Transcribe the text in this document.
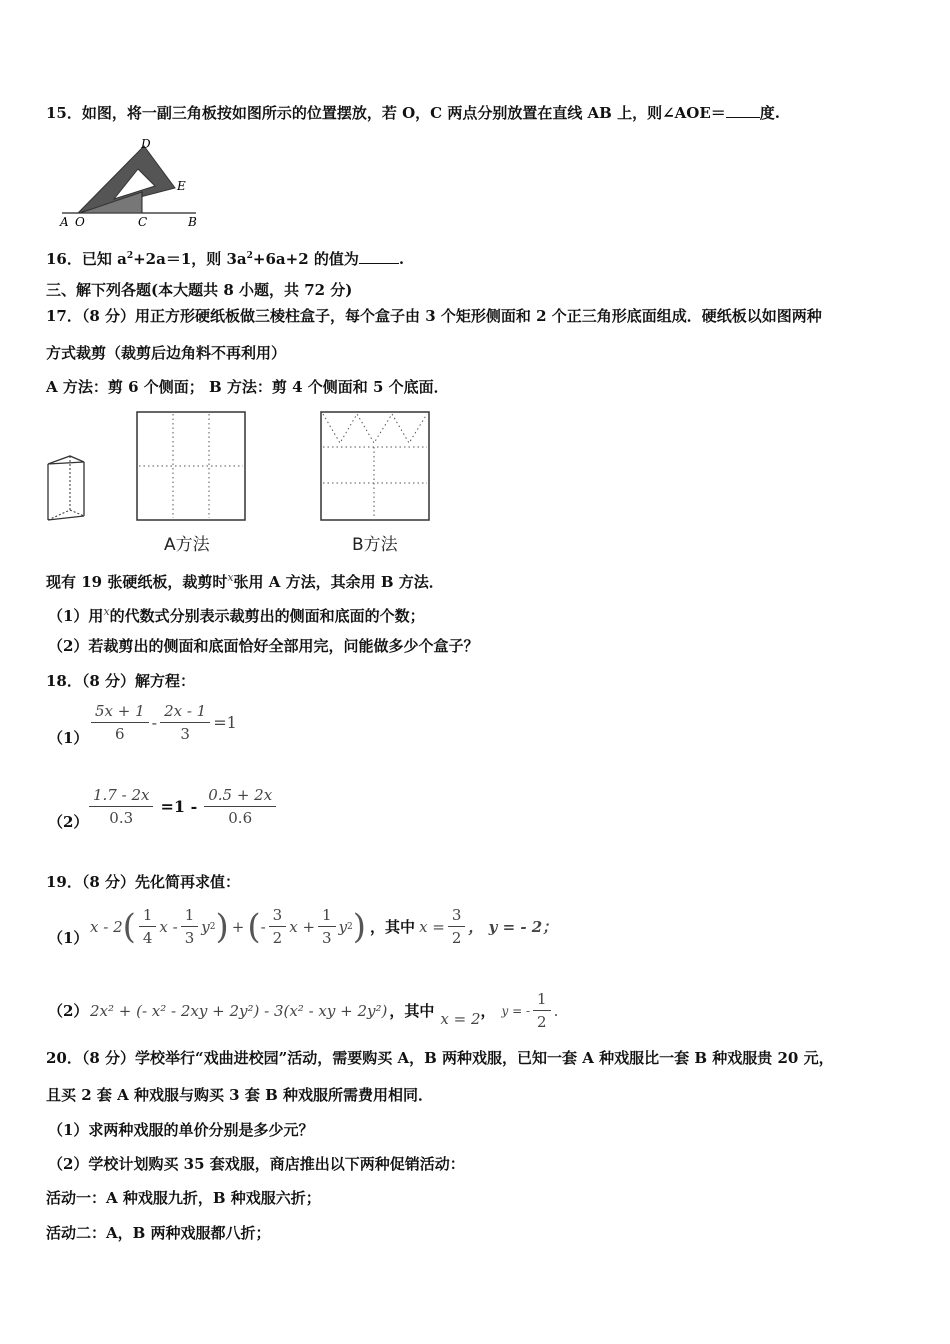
15．如图，将一副三角板按如图所示的位置摆放，若 O，C 两点分别放置在直线 AB 上，则∠AOE＝ 度.
D
E
A O	C	B
16．已知 $a^2+2a=1$，则 $3a^2+6a+2$ 的值为	.
三、解下列各题(本大题共 8 小题，共 72 分)
17．（8 分）用正方形硬纸板做三棱柱盒子，每个盒子由 3 个矩形侧面和 2 个正三角形底面组成．硬纸板以如图两种
方式裁剪（裁剪后边角料不再利用）
A 方法：剪 6 个侧面； B 方法：剪 4 个侧面和 5 个底面．
A方法	B方法
现有 19 张硬纸板，裁剪时$^x$张用 A 方法，其余用 B 方法．
（1）用$^x$的代数式分别表示裁剪出的侧面和底面的个数；
（2）若裁剪出的侧面和底面恰好全部用完，问能做多少个盒子？
18．（8 分）解方程：
$(1) \frac{5x + 1}{6} - \frac{2x - 1}{3} =1$
$(2) \frac{1.7 - 2x}{0.3} =1 - \frac{0.5 + 2x}{0.6}$
19．（8 分）先化简再求值：
（1）
x - 2 ( $\frac{1}{4}$ x - $\frac{1}{3}$ y 2 ) + ( - $\frac{3}{2}$ $x + \frac{1}{3}$ y 2 ) ，其中 $x = \frac{3}{2}$ ， y = - 2；
（2） 2x² + (- x² - 2xy + 2y²) - 3(x² - xy + 2y²) ，其中 x = 2 ， y = - $\frac{1}{2}$ .
20．（8 分）学校举行“戏曲进校园”活动，需要购买 A，B 两种戏服，已知一套 A 种戏服比一套 B 种戏服贵 20 元，
且买 2 套 A 种戏服与购买 3 套 B 种戏服所需费用相同．
（1）求两种戏服的单价分别是多少元？
（2）学校计划购买 35 套戏服，商店推出以下两种促销活动：
活动一：A 种戏服九折，B 种戏服六折；
活动二：A，B 两种戏服都八折；
